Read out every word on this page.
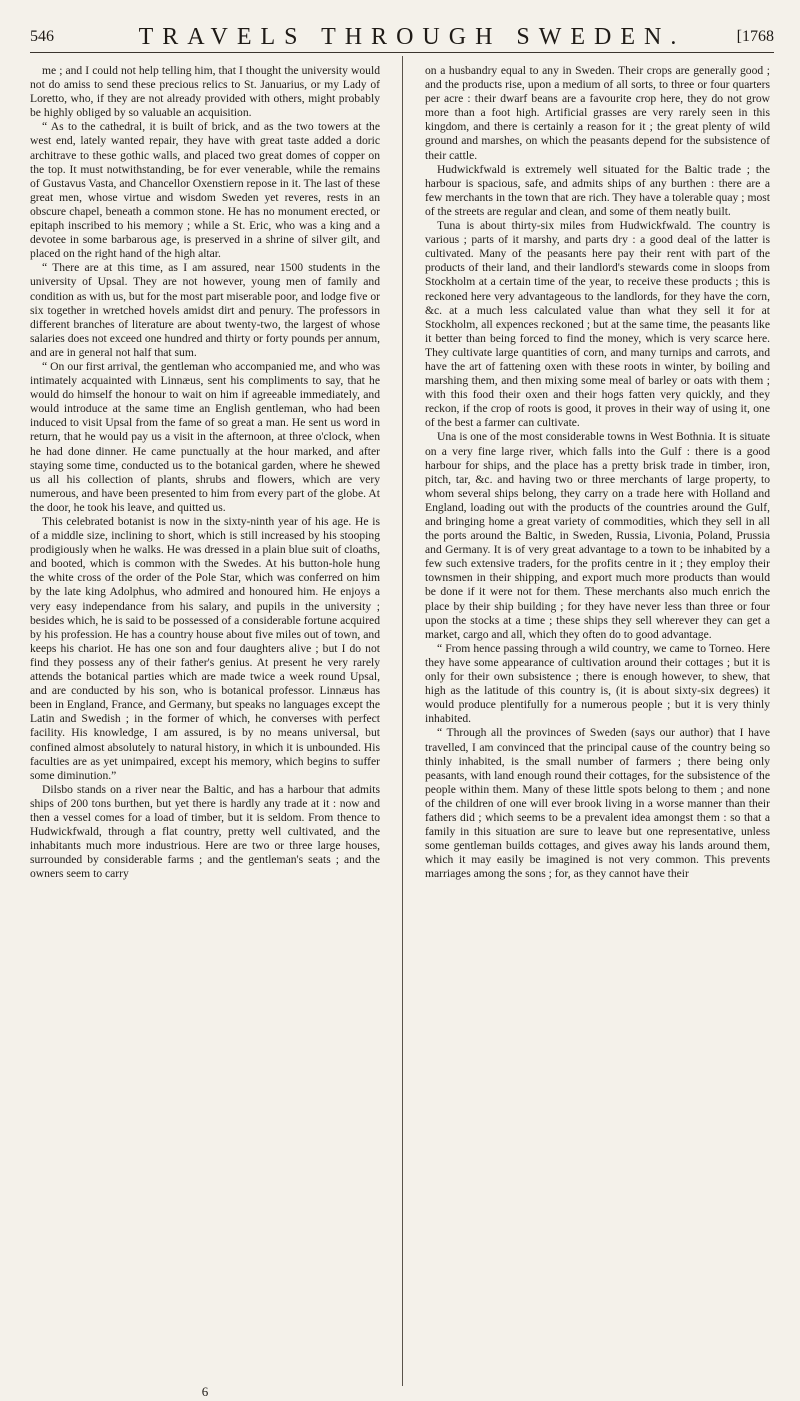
546	TRAVELS THROUGH SWEDEN.	[1768

me ; and I could not help telling him, that I thought the university would not do amiss to send these precious relics to St. Januarius, or my Lady of Loretto, who, if they are not already provided with others, might probably be highly obliged by so valuable an acquisition.

“ As to the cathedral, it is built of brick, and as the two towers at the west end, lately wanted repair, they have with great taste added a doric architrave to these gothic walls, and placed two great domes of copper on the top. It must notwithstanding, be for ever venerable, while the remains of Gustavus Vasta, and Chancellor Oxenstiern repose in it. The last of these great men, whose virtue and wisdom Sweden yet reveres, rests in an obscure chapel, beneath a common stone. He has no monument erected, or epitaph inscribed to his memory ; while a St. Eric, who was a king and a devotee in some barbarous age, is preserved in a shrine of silver gilt, and placed on the right hand of the high altar.

“ There are at this time, as I am assured, near 1500 students in the university of Upsal. They are not however, young men of family and condition as with us, but for the most part miserable poor, and lodge five or six together in wretched hovels amidst dirt and penury. The professors in different branches of literature are about twenty-two, the largest of whose salaries does not exceed one hundred and thirty or forty pounds per annum, and are in general not half that sum.

“ On our first arrival, the gentleman who accompanied me, and who was intimately acquainted with Linnæus, sent his compliments to say, that he would do himself the honour to wait on him if agreeable immediately, and would introduce at the same time an English gentleman, who had been induced to visit Upsal from the fame of so great a man. He sent us word in return, that he would pay us a visit in the afternoon, at three o'clock, when he had done dinner. He came punctually at the hour marked, and after staying some time, conducted us to the botanical garden, where he shewed us all his collection of plants, shrubs and flowers, which are very numerous, and have been presented to him from every part of the globe. At the door, he took his leave, and quitted us.

This celebrated botanist is now in the sixty-ninth year of his age. He is of a middle size, inclining to short, which is still increased by his stooping prodigiously when he walks. He was dressed in a plain blue suit of cloaths, and booted, which is common with the Swedes. At his button-hole hung the white cross of the order of the Pole Star, which was conferred on him by the late king Adolphus, who admired and honoured him. He enjoys a very easy independance from his salary, and pupils in the university ; besides which, he is said to be possessed of a considerable fortune acquired by his profession. He has a country house about five miles out of town, and keeps his chariot. He has one son and four daughters alive ; but I do not find they possess any of their father's genius. At present he very rarely attends the botanical parties which are made twice a week round Upsal, and are conducted by his son, who is botanical professor. Linnæus has been in England, France, and Germany, but speaks no languages except the Latin and Swedish ; in the former of which, he converses with perfect facility. His knowledge, I am assured, is by no means universal, but confined almost absolutely to natural history, in which it is unbounded. His faculties are as yet unimpaired, except his memory, which begins to suffer some diminution.”

Dilsbo stands on a river near the Baltic, and has a harbour that admits ships of 200 tons burthen, but yet there is hardly any trade at it : now and then a vessel comes for a load of timber, but it is seldom. From thence to Hudwickfwald, through a flat country, pretty well cultivated, and the inhabitants much more industrious. Here are two or three large houses, surrounded by considerable farms ; and the gentleman's seats ; and the owners seem to carry

on a husbandry equal to any in Sweden. Their crops are generally good ; and the products rise, upon a medium of all sorts, to three or four quarters per acre : their dwarf beans are a favourite crop here, they do not grow more than a foot high. Artificial grasses are very rarely seen in this kingdom, and there is certainly a reason for it ; the great plenty of wild ground and marshes, on which the peasants depend for the subsistence of their cattle.

Hudwickfwald is extremely well situated for the Baltic trade ; the harbour is spacious, safe, and admits ships of any burthen : there are a few merchants in the town that are rich. They have a tolerable quay ; most of the streets are regular and clean, and some of them neatly built.

Tuna is about thirty-six miles from Hudwickfwald. The country is various ; parts of it marshy, and parts dry : a good deal of the latter is cultivated. Many of the peasants here pay their rent with part of the products of their land, and their landlord's stewards come in sloops from Stockholm at a certain time of the year, to receive these products ; this is reckoned here very advantageous to the landlords, for they have the corn, &c. at a much less calculated value than what they sell it for at Stockholm, all expences reckoned ; but at the same time, the peasants like it better than being forced to find the money, which is very scarce here. They cultivate large quantities of corn, and many turnips and carrots, and have the art of fattening oxen with these roots in winter, by boiling and marshing them, and then mixing some meal of barley or oats with them ; with this food their oxen and their hogs fatten very quickly, and they reckon, if the crop of roots is good, it proves in their way of using it, one of the best a farmer can cultivate.

Una is one of the most considerable towns in West Bothnia. It is situate on a very fine large river, which falls into the Gulf : there is a good harbour for ships, and the place has a pretty brisk trade in timber, iron, pitch, tar, &c. and having two or three merchants of large property, to whom several ships belong, they carry on a trade here with Holland and England, loading out with the products of the countries around the Gulf, and bringing home a great variety of commodities, which they sell in all the ports around the Baltic, in Sweden, Russia, Livonia, Poland, Prussia and Germany. It is of very great advantage to a town to be inhabited by a few such extensive traders, for the profits centre in it ; they employ their townsmen in their shipping, and export much more products than would be done if it were not for them. These merchants also much enrich the place by their ship building ; for they have never less than three or four upon the stocks at a time ; these ships they sell wherever they can get a market, cargo and all, which they often do to good advantage.

“ From hence passing through a wild country, we came to Torneo. Here they have some appearance of cultivation around their cottages ; but it is only for their own subsistence ; there is enough however, to shew, that high as the latitude of this country is, (it is about sixty-six degrees) it would produce plentifully for a numerous people ; but it is very thinly inhabited.

“ Through all the provinces of Sweden (says our author) that I have travelled, I am convinced that the principal cause of the country being so thinly inhabited, is the small number of farmers ; there being only peasants, with land enough round their cottages, for the subsistence of the people within them. Many of these little spots belong to them ; and none of the children of one will ever brook living in a worse manner than their fathers did ; which seems to be a prevalent idea amongst them : so that a family in this situation are sure to leave but one representative, unless some gentleman builds cottages, and gives away his lands around them, which it may easily be imagined is not very common. This prevents marriages among the sons ; for, as they cannot have their

6
